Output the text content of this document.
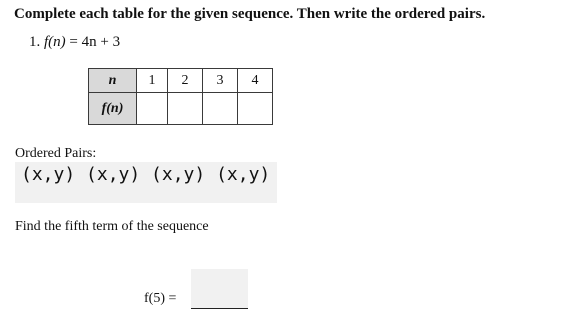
Complete each table for the given sequence. Then write the ordered pairs.
1. f(n) = 4n + 3
n	1	2	3	4
f(n)				
Ordered Pairs:
(x,y) (x,y) (x,y) (x,y)
Find the fifth term of the sequence
f(5) =
